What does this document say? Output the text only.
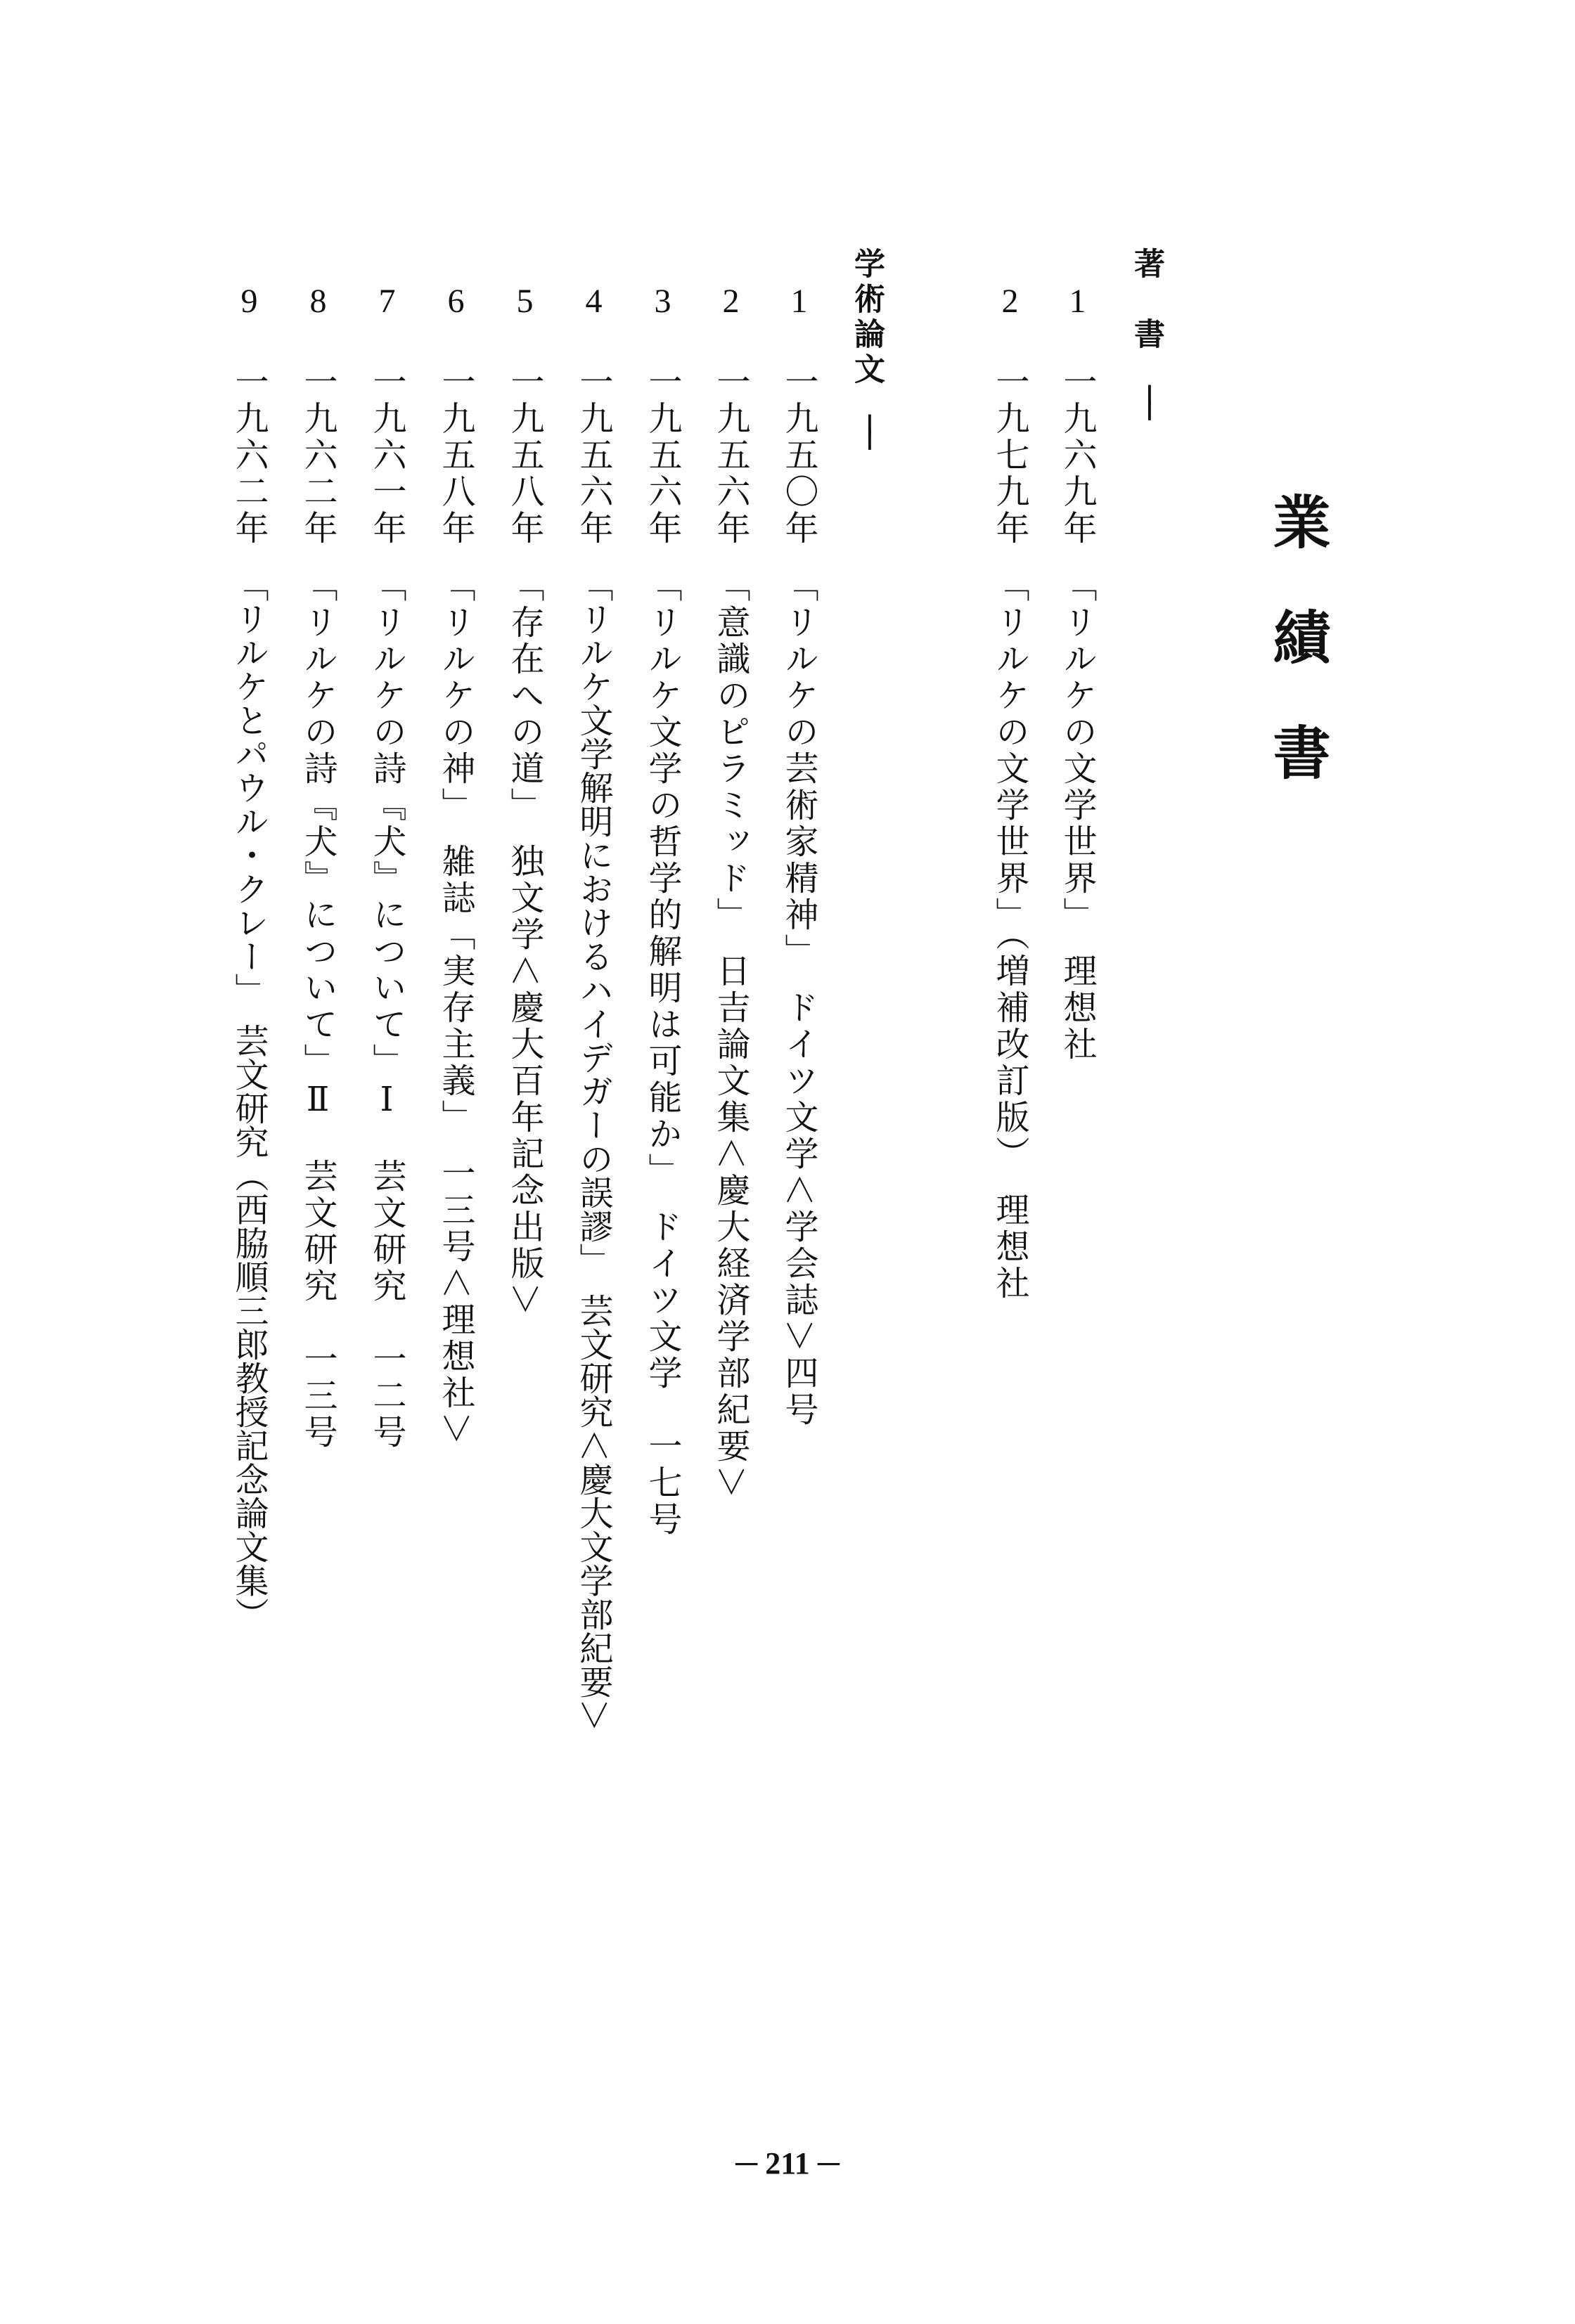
業　績　書
著　書
──
1
一九六九年
「リルケの文学世界」　理想社
2
一九七九年
「リルケの文学世界」（増補改訂版）　理想社
学術論文
──
1
一九五〇年
「リルケの芸術家精神」　ドイツ文学＜学会誌＞四号
2
一九五六年
「意識のピラミッド」　日吉論文集＜慶大経済学部紀要＞
3
一九五六年
「リルケ文学の哲学的解明は可能か」　ドイツ文学　一七号
4
一九五六年
「リルケ文学解明におけるハイデガーの誤謬」　芸文研究＜慶大文学部紀要＞
5
一九五八年
「存在への道」　独文学＜慶大百年記念出版＞
6
一九五八年
「リルケの神」　雑誌「実存主義」　一三号＜理想社＞
7
一九六一年
「リルケの詩『犬』について」Ⅰ　芸文研究　一二号
8
一九六二年
「リルケの詩『犬』について」Ⅱ　芸文研究　一三号
9
一九六二年
「リルケとパウル・クレー」　芸文研究（西脇順三郎教授記念論文集）
─ 211 ─
